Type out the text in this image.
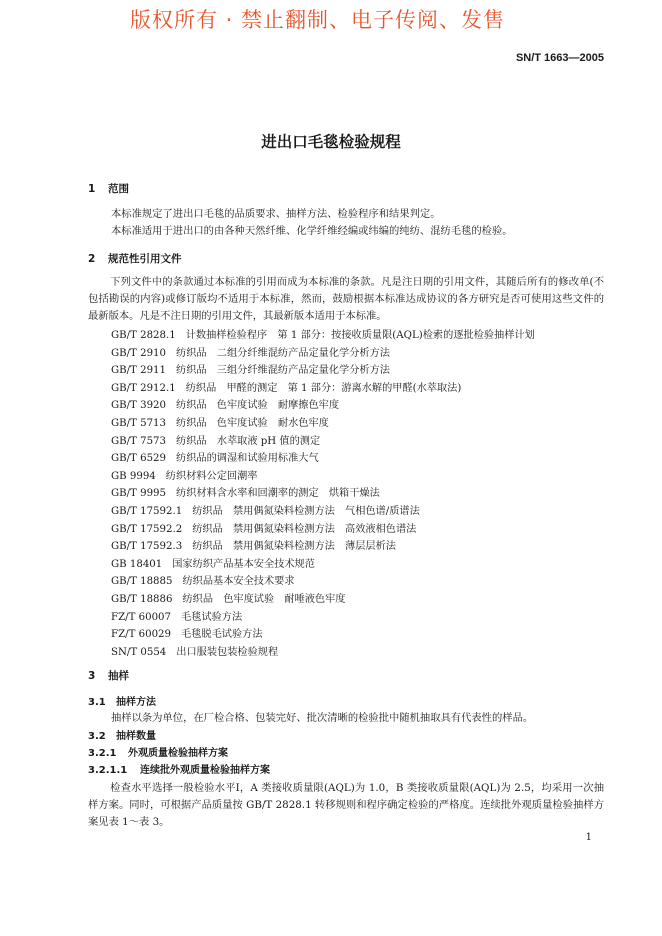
版权所有 · 禁止翻制、电子传阅、发售
SN/T 1663—2005
进出口毛毯检验规程
1 范围
本标准规定了进出口毛毯的品质要求、抽样方法、检验程序和结果判定。
本标准适用于进出口的由各种天然纤维、化学纤维经编或纬编的纯纺、混纺毛毯的检验。
2 规范性引用文件
下列文件中的条款通过本标准的引用而成为本标准的条款。凡是注日期的引用文件，其随后所有的修改单(不包括勘误的内容)或修订版均不适用于本标准，然而，鼓励根据本标准达成协议的各方研究是否可使用这些文件的最新版本。凡是不注日期的引用文件，其最新版本适用于本标准。
GB/T 2828.1 计数抽样检验程序　第 1 部分：按接收质量限(AQL)检索的逐批检验抽样计划
GB/T 2910 纺织品　二组分纤维混纺产品定量化学分析方法
GB/T 2911 纺织品　三组分纤维混纺产品定量化学分析方法
GB/T 2912.1 纺织品　甲醛的测定　第 1 部分：游离水解的甲醛(水萃取法)
GB/T 3920 纺织品　色牢度试验　耐摩擦色牢度
GB/T 5713 纺织品　色牢度试验　耐水色牢度
GB/T 7573 纺织品　水萃取液 pH 值的测定
GB/T 6529 纺织品的调湿和试验用标准大气
GB 9994 纺织材料公定回潮率
GB/T 9995 纺织材料含水率和回潮率的测定　烘箱干燥法
GB/T 17592.1 纺织品　禁用偶氮染料检测方法　气相色谱/质谱法
GB/T 17592.2 纺织品　禁用偶氮染料检测方法　高效液相色谱法
GB/T 17592.3 纺织品　禁用偶氮染料检测方法　薄层层析法
GB 18401 国家纺织产品基本安全技术规范
GB/T 18885 纺织品基本安全技术要求
GB/T 18886 纺织品　色牢度试验　耐唾液色牢度
FZ/T 60007 毛毯试验方法
FZ/T 60029 毛毯脱毛试验方法
SN/T 0554 出口服装包装检验规程
3 抽样
3.1 抽样方法
抽样以条为单位，在厂检合格、包装完好、批次清晰的检验批中随机抽取具有代表性的样品。
3.2 抽样数量
3.2.1 外观质量检验抽样方案
3.2.1.1 连续批外观质量检验抽样方案
检查水平选择一般检验水平Ⅰ，A 类接收质量限(AQL)为 1.0，B 类接收质量限(AQL)为 2.5，均采用一次抽样方案。同时，可根据产品质量按 GB/T 2828.1 转移规则和程序确定检验的严格度。连续批外观质量检验抽样方案见表 1～表 3。
1
